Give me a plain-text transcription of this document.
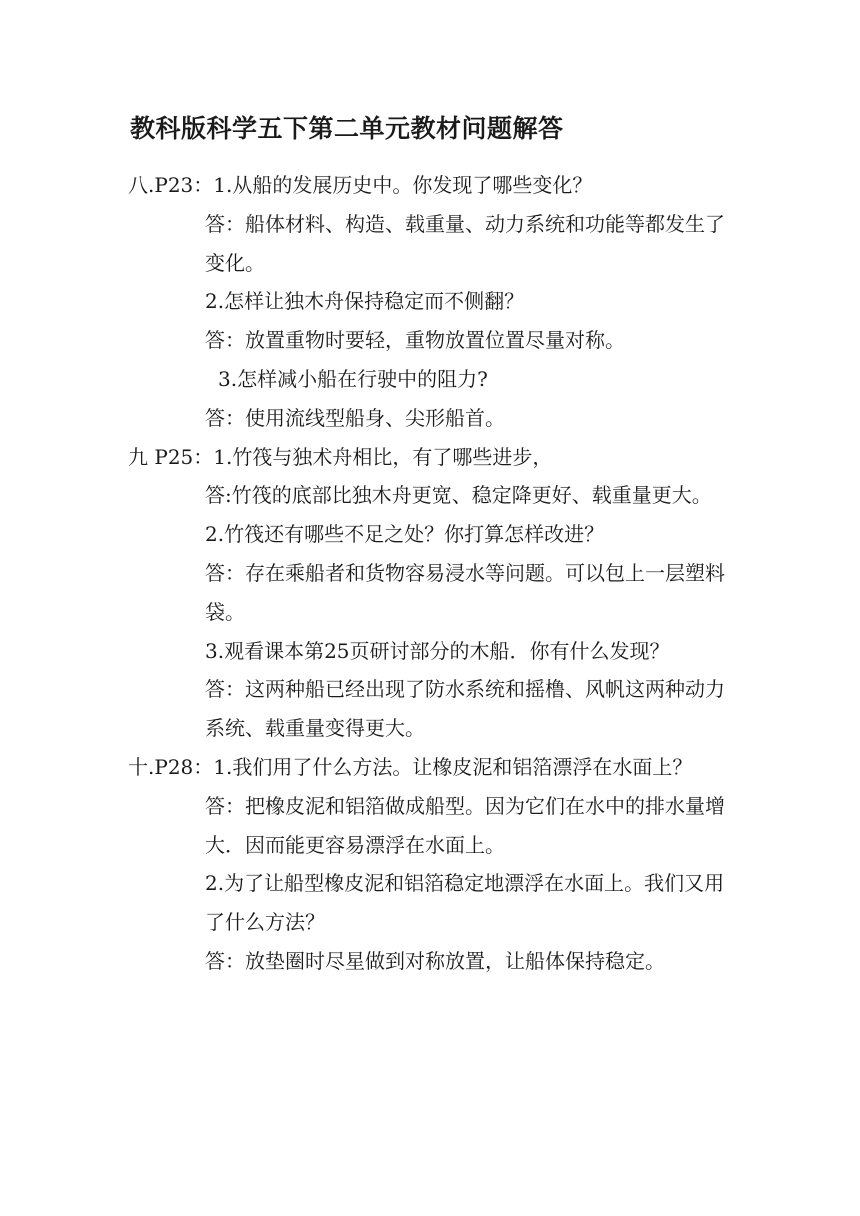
教科版科学五下第二单元教材问题解答

八.P23：1.从船的发展历史中。你发现了哪些变化？

答：船体材料、构造、载重量、动力系统和功能等都发生了变化。

2.怎样让独木舟保持稳定而不侧翻？

答：放置重物时要轻，重物放置位置尽量对称。

3.怎样减小船在行驶中的阻力?

答：使用流线型船身、尖形船首。

九 P25：1.竹筏与独术舟相比，有了哪些进步，

答:竹筏的底部比独木舟更宽、稳定降更好、载重量更大。

2.竹筏还有哪些不足之处？你打算怎样改进？

答：存在乘船者和货物容易浸水等问题。可以包上一层塑料袋。

3.观看课本第25页研讨部分的木船．你有什么发现？

答：这两种船已经出现了防水系统和摇橹、风帆这两种动力系统、载重量变得更大。

十.P28：1.我们用了什么方法。让橡皮泥和铝箔漂浮在水面上？

答：把橡皮泥和铝箔做成船型。因为它们在水中的排水量增大．因而能更容易漂浮在水面上。

2.为了让船型橡皮泥和铝箔稳定地漂浮在水面上。我们又用了什么方法？

答：放垫圈时尽星做到对称放置，让船体保持稳定。
